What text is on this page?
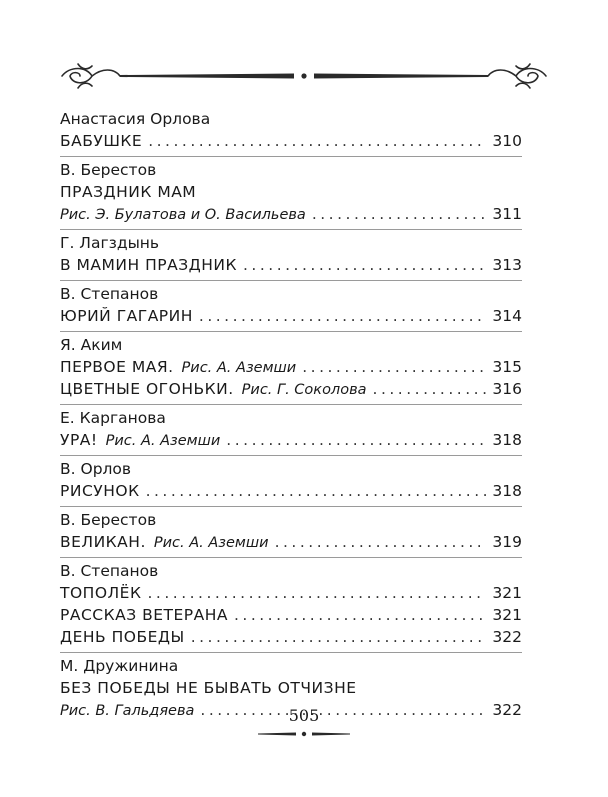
Анастасия Орлова
БАБУШКЕ .....	310
В. Берестов
ПРАЗДНИК МАМ
Рис. Э. Булатова и О. Васильева .....	311
Г. Лагздынь
В МАМИН ПРАЗДНИК .....	313
В. Степанов
ЮРИЙ ГАГАРИН .....	314
Я. Аким
ПЕРВОЕ МАЯ. Рис. А. Аземши .....	315
ЦВЕТНЫЕ ОГОНЬКИ. Рис. Г. Соколова .....	316
Е. Карганова
УРА! Рис. А. Аземши .....	318
В. Орлов
РИСУНОК .....	318
В. Берестов
ВЕЛИКАН. Рис. А. Аземши .....	319
В. Степанов
ТОПОЛЁК .....	321
РАССКАЗ ВЕТЕРАНА .....	321
ДЕНЬ ПОБЕДЫ .....	322
М. Дружинина
БЕЗ ПОБЕДЫ НЕ БЫВАТЬ ОТЧИЗНЕ
Рис. В. Гальдяева .....	322
505
